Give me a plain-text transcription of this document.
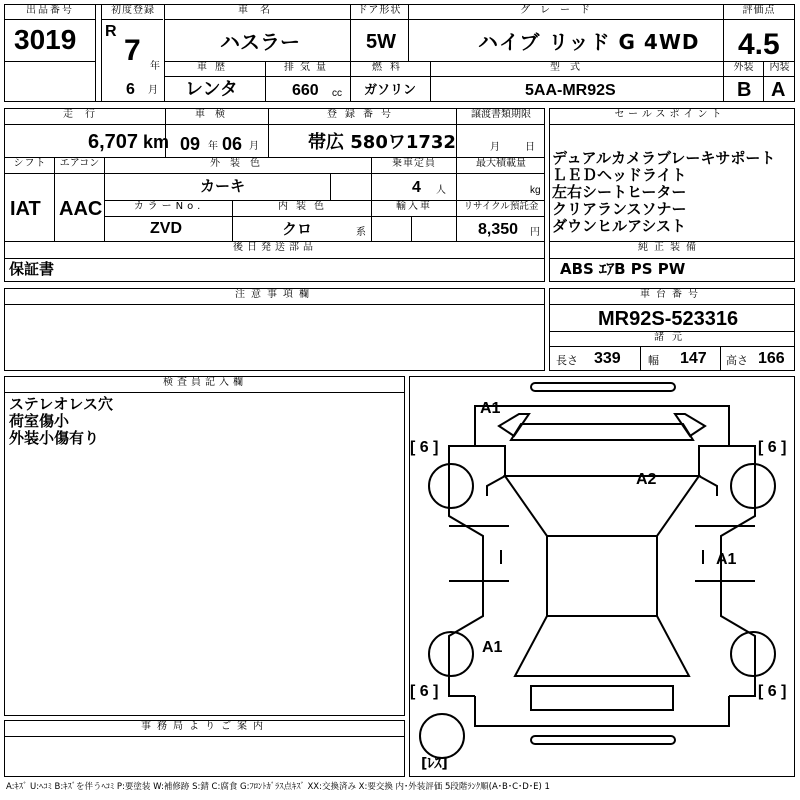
出品番号
3019
初度登録
R
7 年
6 月
車名
ハスラー
ドア形状
5W
グレード
ハイブ リッド G 4WD
評価点
4.5
車歴
レンタ
排気量
660 cc
燃料
ガソリン
型式
5AA-MR92S
外装
B
内装
A
走行
6,707 km
車検
09 年 06 月
登録番号
帯広 580ワ1732
譲渡書類期限
月	日
シフト
IAT
エアコン
AAC
外装色
カーキ
乗車定員
4 人
最大積載量
kg
カラーNo.
ZVD
内装色
クロ	系
輸入車	リサイクル預託金
8,350 円
後日発送部品
保証書
セールスポイント
デュアルカメラブレーキサポート
ＬＥＤヘッドライト
左右シートヒーター
クリアランスソナー
ダウンヒルアシスト
純正装備
ABS ｴｱB PS PW
注意事項欄	車台番号
MR92S-523316
諸元
長さ 339 幅 147 高さ 166
検査員記入欄
ステレオレス穴
荷室傷小
外装小傷有り
事務局よりご案内
A1
A2
A1
A1
[ 6 ]	[ 6 ]
[ 6 ]	[ 6 ]
[ﾚｽ]
A:ｷｽﾞ U:ﾍｺﾐ B:ｷｽﾞを伴うﾍｺﾐ P:要塗装 W:補修跡 S:錆 C:腐食 G:ﾌﾛﾝﾄｶﾞﾗｽ点ｷｽﾞ XX:交換済み X:要交換 内･外装評価 5段階ﾗﾝｸ順(A･B･C･D･E) 1
